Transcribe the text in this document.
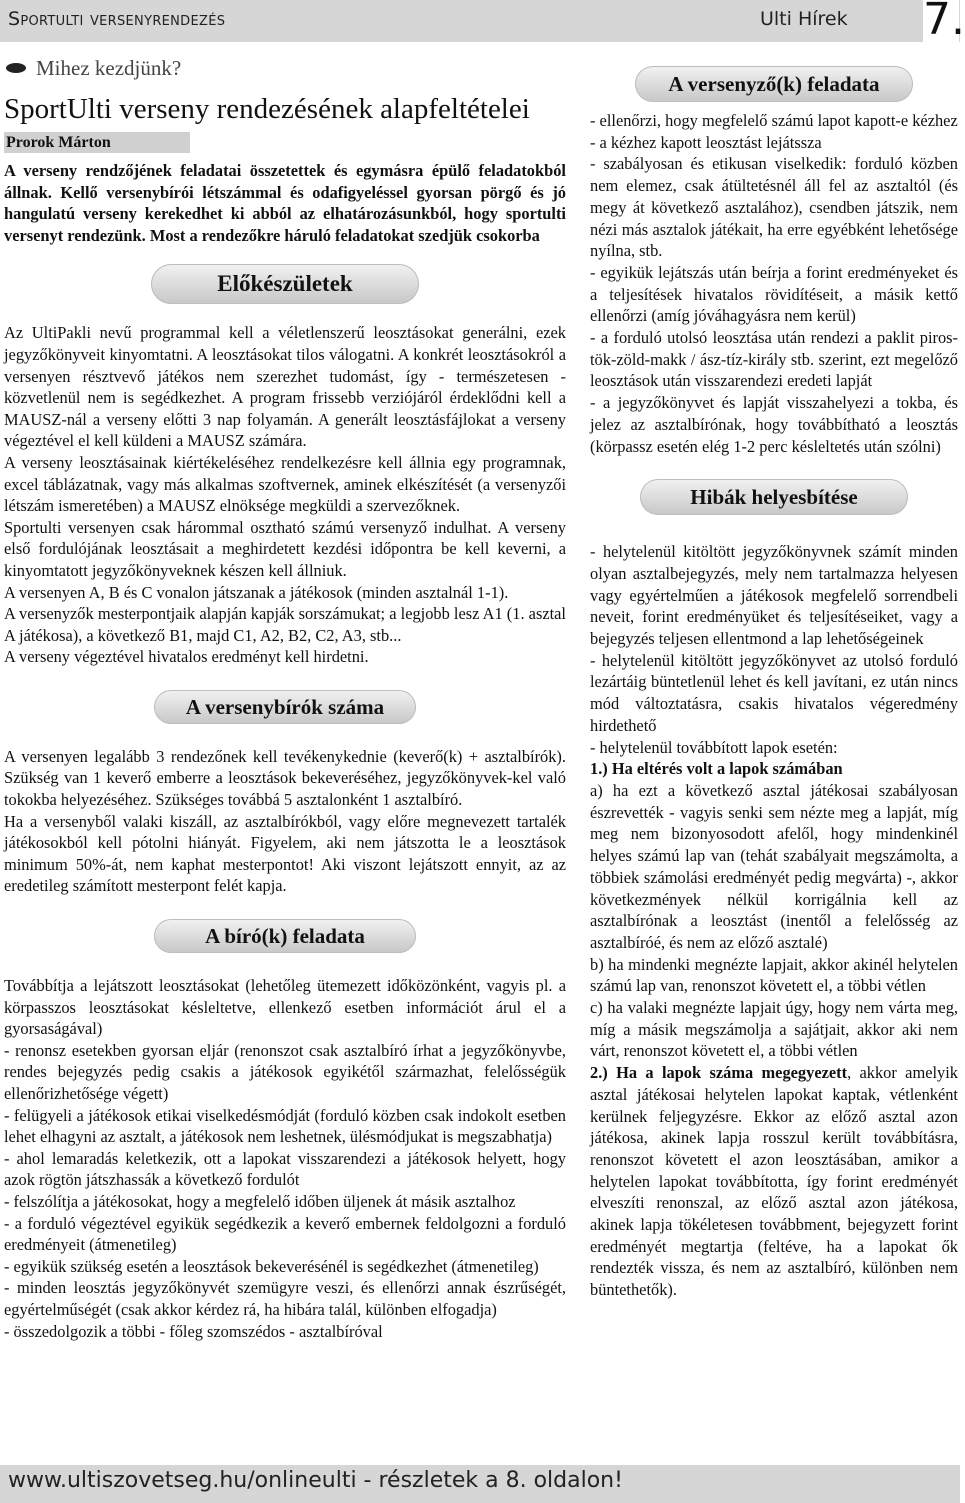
Sportulti versenyrendezés	Ulti Hírek 7.
Mihez kezdjünk?
SportUlti verseny rendezésének alapfeltételei
Prorok Márton

A verseny rendzőjének feladatai összetettek és egymásra épülő feladatokból állnak. Kellő versenybírói létszámmal és odafigyeléssel gyorsan pörgő és jó hangulatú verseny kerekedhet ki abból az elhatározásunkból, hogy sportulti versenyt rendezünk. Most a rendezőkre háruló feladatokat szedjük csokorba

Előkészületek

Az UltiPakli nevű programmal kell a véletlenszerű leosztásokat generálni, ezek jegyzőkönyveit kinyomtatni. A leosztásokat tilos válogatni. A konkrét leosztásokról a versenyen résztvevő játékos nem szerezhet tudomást, így - természetesen - közvetlenül nem is segédkezhet. A program frissebb verziójáról érdeklődni kell a MAUSZ-nál a verseny előtti 3 nap folyamán. A generált leosztásfájlokat a verseny végeztével el kell küldeni a MAUSZ számára.

A verseny leosztásainak kiértékeléséhez rendelkezésre kell állnia egy programnak, excel táblázatnak, vagy más alkalmas szoftvernek, aminek elkészítését (a versenyzői létszám ismeretében) a MAUSZ elnöksége megküldi a szervezőknek.

Sportulti versenyen csak hárommal osztható számú versenyző indulhat. A verseny első fordulójának leosztásait a meghirdetett kezdési időpontra be kell keverni, a kinyomtatott jegyzőkönyveknek készen kell állniuk.

A versenyen A, B és C vonalon játszanak a játékosok (minden asztalnál 1-1).

A versenyzők mesterpontjaik alapján kapják sorszámukat; a legjobb lesz A1 (1. asztal A játékosa), a következő B1, majd C1, A2, B2, C2, A3, stb...

A verseny végeztével hivatalos eredményt kell hirdetni.

A versenybírók száma

A versenyen legalább 3 rendezőnek kell tevékenykednie (keverő(k) + asztalbírók). Szükség van 1 keverő emberre a leosztások bekeveréséhez, jegyzőkönyvek-kel való tokokba helyezéséhez. Szükséges továbbá 5 asztalonként 1 asztalbíró.

Ha a versenyből valaki kiszáll, az asztalbírókból, vagy előre megnevezett tartalék játékosokból kell pótolni hiányát. Figyelem, aki nem játszotta le a leosztások minimum 50%-át, nem kaphat mesterpontot! Aki viszont lejátszott ennyit, az az eredetileg számított mesterpont felét kapja.

A bíró(k) feladata

Továbbítja a lejátszott leosztásokat (lehetőleg ütemezett időközönként, vagyis pl. a körpasszos leosztásokat késleltetve, ellenkező esetben információt árul el a gyorsaságával)

- renonsz esetekben gyorsan eljár (renonszot csak asztalbíró írhat a jegyzőkönyvbe, rendes bejegyzés pedig csakis a játékosok egyikétől származhat, felelősségük ellenőrizhetősége végett)

- felügyeli a játékosok etikai viselkedésmódját (forduló közben csak indokolt esetben lehet elhagyni az asztalt, a játékosok nem leshetnek, ülésmódjukat is megszabhatja)

- ahol lemaradás keletkezik, ott a lapokat visszarendezi a játékosok helyett, hogy azok rögtön játszhassák a következő fordulót

- felszólítja a játékosokat, hogy a megfelelő időben üljenek át másik asztalhoz

- a forduló végeztével egyikük segédkezik a keverő embernek feldolgozni a forduló eredményeit (átmenetileg)

- egyikük szükség esetén a leosztások bekeverésénél is segédkezhet (átmenetileg)

- minden leosztás jegyzőkönyvét szemügyre veszi, és ellenőrzi annak észrűségét, egyértelműségét (csak akkor kérdez rá, ha hibára talál, különben elfogadja)

- összedolgozik a többi - főleg szomszédos - asztalbíróval

A versenyző(k) feladata

- ellenőrzi, hogy megfelelő számú lapot kapott-e kézhez

- a kézhez kapott leosztást lejátssza

- szabályosan és etikusan viselkedik: forduló közben nem elemez, csak átültetésnél áll fel az asztaltól (és megy át következő asztalához), csendben játszik, nem nézi más asztalok játékait, ha erre egyébként lehetősége nyílna, stb.

- egyikük lejátszás után beírja a forint eredményeket és a teljesítések hivatalos rövidítéseit, a másik kettő ellenőrzi (amíg jóváhagyásra nem kerül)

- a forduló utolsó leosztása után rendezi a paklit piros-tök-zöld-makk / ász-tíz-király stb. szerint, ezt megelőző leosztások után visszarendezi eredeti lapját

- a jegyzőkönyvet és lapját visszahelyezi a tokba, és jelez az asztalbírónak, hogy továbbítható a leosztás (körpassz esetén elég 1-2 perc késleltetés után szólni)

Hibák helyesbítése

- helytelenül kitöltött jegyzőkönyvnek számít minden olyan asztalbejegyzés, mely nem tartalmazza helyesen vagy egyértelműen a játékosok megfelelő sorrendbeli neveit, forint eredményüket és teljesítéseiket, vagy a bejegyzés teljesen ellentmond a lap lehetőségeinek

- helytelenül kitöltött jegyzőkönyvet az utolsó forduló lezártáig büntetlenül lehet és kell javítani, ez után nincs mód változtatásra, csakis hivatalos végeredmény hirdethető

- helytelenül továbbított lapok esetén:

1.) Ha eltérés volt a lapok számában

a) ha ezt a következő asztal játékosai szabályosan észrevették - vagyis senki sem nézte meg a lapját, míg meg nem bizonyosodott afelől, hogy mindenkinél helyes számú lap van (tehát szabályait megszámolta, a többiek számolási eredményét pedig megvárta) -, akkor következmények nélkül korrigálnia kell az asztalbírónak a leosztást (inentől a felelősség az asztalbíróé, és nem az előző asztalé)

b) ha mindenki megnézte lapjait, akkor akinél helytelen számú lap van, renonszot követett el, a többi vétlen

c) ha valaki megnézte lapjait úgy, hogy nem várta meg, míg a másik megszámolja a sajátjait, akkor aki nem várt, renonszot követett el, a többi vétlen

2.) Ha a lapok száma megegyezett, akkor amelyik asztal játékosai helytelen lapokat kaptak, vétlenként kerülnek feljegyzésre. Ekkor az előző asztal azon játékosa, akinek lapja rosszul került továbbításra, renonszot követett el azon leosztásában, amikor a helytelen lapokat továbbította, így forint eredményét elveszíti renonszal, az előző asztal azon játékosa, akinek lapja tökéletesen továbbment, bejegyzett forint eredményét megtartja (feltéve, ha a lapokat ők rendezték vissza, és nem az asztalbíró, különben nem büntethetők).

www.ultiszovetseg.hu/onlineulti - részletek a 8. oldalon!
